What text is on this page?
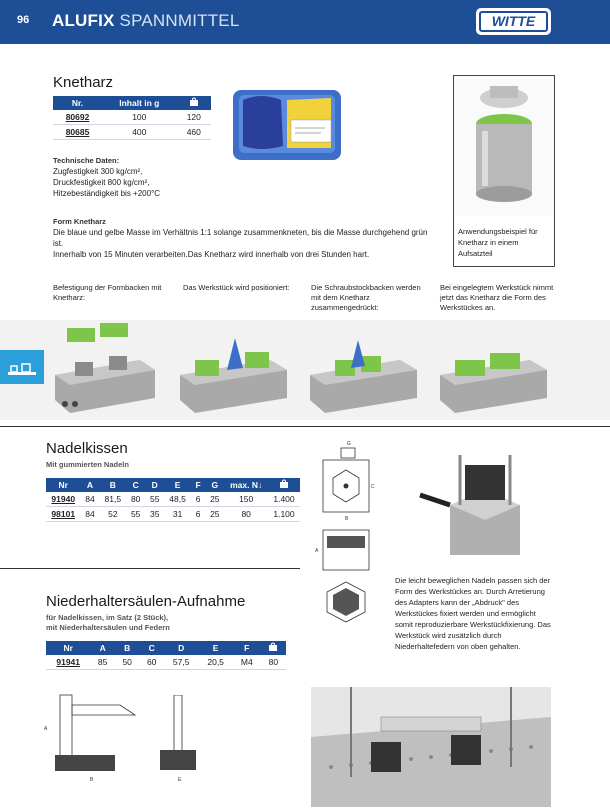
96 ALUFIX SPANNMITTEL	WITTE
Knetharz
Nr.	Inhalt in g	
80692	100	120
80685	400	460
Technische Daten:
Zugfestigkeit 300 kg/cm²,
Druckfestigkeit 800 kg/cm²,
Hitzebeständigkeit bis +200°C
Form Knetharz
Die blaue und gelbe Masse im Verhältnis 1:1 solange zusammenkneten, bis die Masse durchgehend grün ist.
Innerhalb von 15 Minuten verarbeiten.Das Knetharz wird innerhalb von drei Stunden hart.
Anwendungsbeispiel für Knetharz in einem Aufsatzteil
Befestigung der Formbacken mit Knetharz:
Das Werkstück wird positioniert:	Die Schraubstockbacken werden mit dem Knetharz zusammengedrückt:
Bei eingelegtem Werkstück nimmt jetzt das Knetharz die Form des Werkstückes an.
Nadelkissen
Mit gummierten Nadeln
Nr	A	B	C	D	E	F	G	max. N↓	
91940	84	81,5	80	55	48,5	6	25	150	1.400
98101	84	52	55	35	31	6	25	80	1.100
C
B
A
G
Die leicht beweglichen Nadeln passen sich der Form des Werkstückes an. Durch Arretierung des Adapters kann der „Abdruck" des Werkstückes fixiert werden und ermöglicht somit reproduzierbare Werkstückfixierung. Das Werkstück wird zusätzlich durch Niederhaltefedern von oben gehalten.
Niederhaltersäulen-Aufnahme
für Nadelkissen, im Satz (2 Stück),
mit Niederhaltersäulen und Federn
Nr	A	B	C	D	E	F	
91941	85	50	60	57,5	20,5	M4	80
A
B	E
